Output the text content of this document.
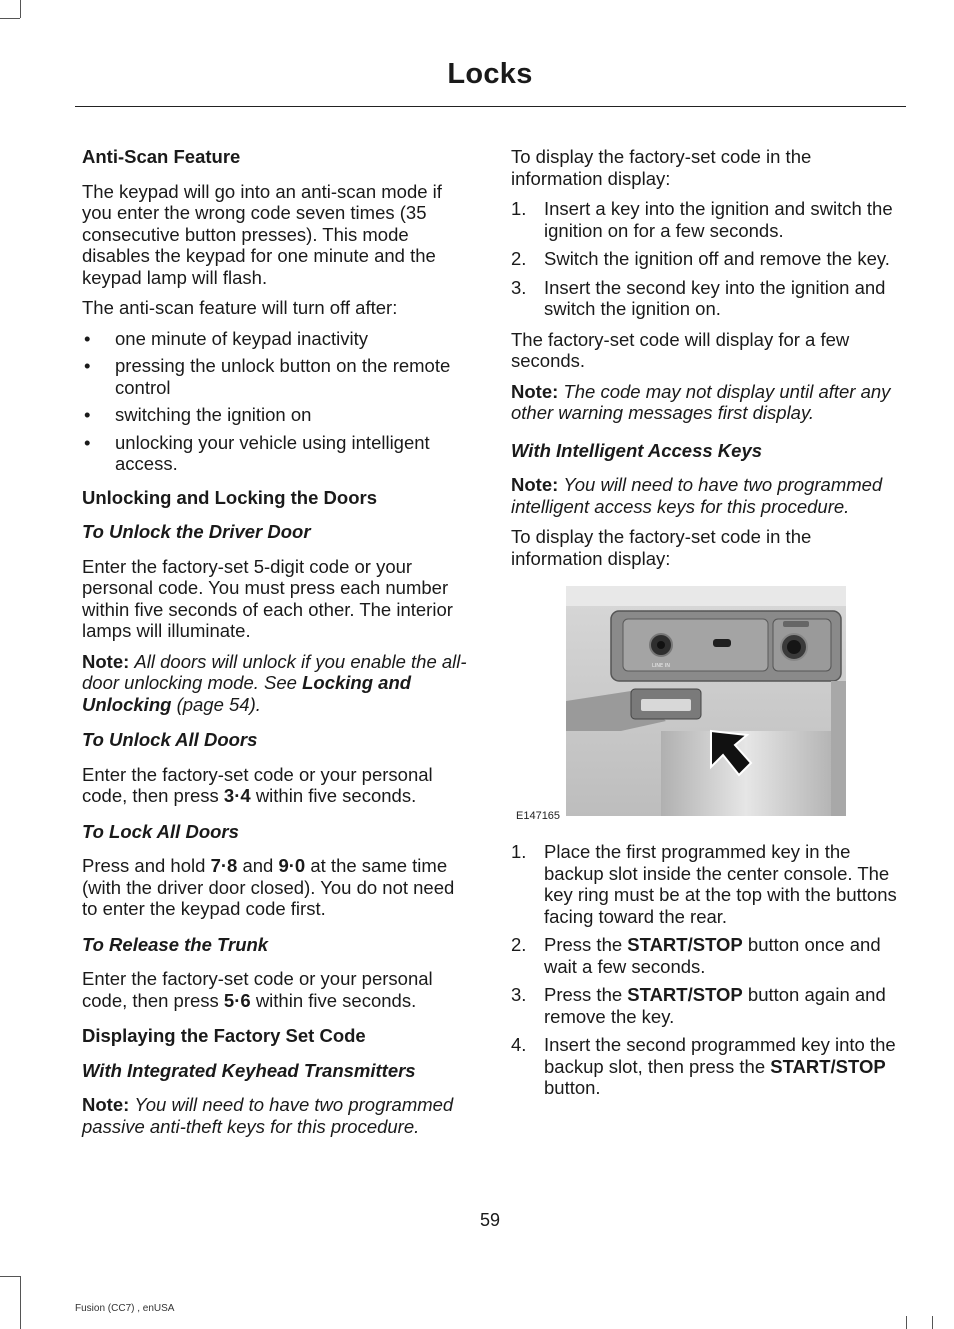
Locks
Anti-Scan Feature

The keypad will go into an anti-scan mode if you enter the wrong code seven times (35 consecutive button presses). This mode disables the keypad for one minute and the keypad lamp will flash.

The anti-scan feature will turn off after:

• one minute of keypad inactivity
• pressing the unlock button on the remote control
• switching the ignition on
• unlocking your vehicle using intelligent access.
Unlocking and Locking the Doors
To Unlock the Driver Door

Enter the factory-set 5-digit code or your personal code. You must press each number within five seconds of each other. The interior lamps will illuminate.

Note: All doors will unlock if you enable the all-door unlocking mode. See Locking and Unlocking (page 54).

To Unlock All Doors

Enter the factory-set code or your personal code, then press 3·4 within five seconds.

To Lock All Doors

Press and hold 7·8 and 9·0 at the same time (with the driver door closed). You do not need to enter the keypad code first.

To Release the Trunk

Enter the factory-set code or your personal code, then press 5·6 within five seconds.

Displaying the Factory Set Code
With Integrated Keyhead Transmitters

Note: You will need to have two programmed passive anti-theft keys for this procedure.

To display the factory-set code in the information display:

1. Insert a key into the ignition and switch the ignition on for a few seconds.
2. Switch the ignition off and remove the key.
3. Insert the second key into the ignition and switch the ignition on.

The factory-set code will display for a few seconds.

Note: The code may not display until after any other warning messages first display.

With Intelligent Access Keys

Note: You will need to have two programmed intelligent access keys for this procedure.

To display the factory-set code in the information display:

LINE IN
E147165
1. Place the first programmed key in the backup slot inside the center console. The key ring must be at the top with the buttons facing toward the rear.
2. Press the START/STOP button once and wait a few seconds.
3. Press the START/STOP button again and remove the key.
4. Insert the second programmed key into the backup slot, then press the START/STOP button.
59
Fusion (CC7) , enUSA
